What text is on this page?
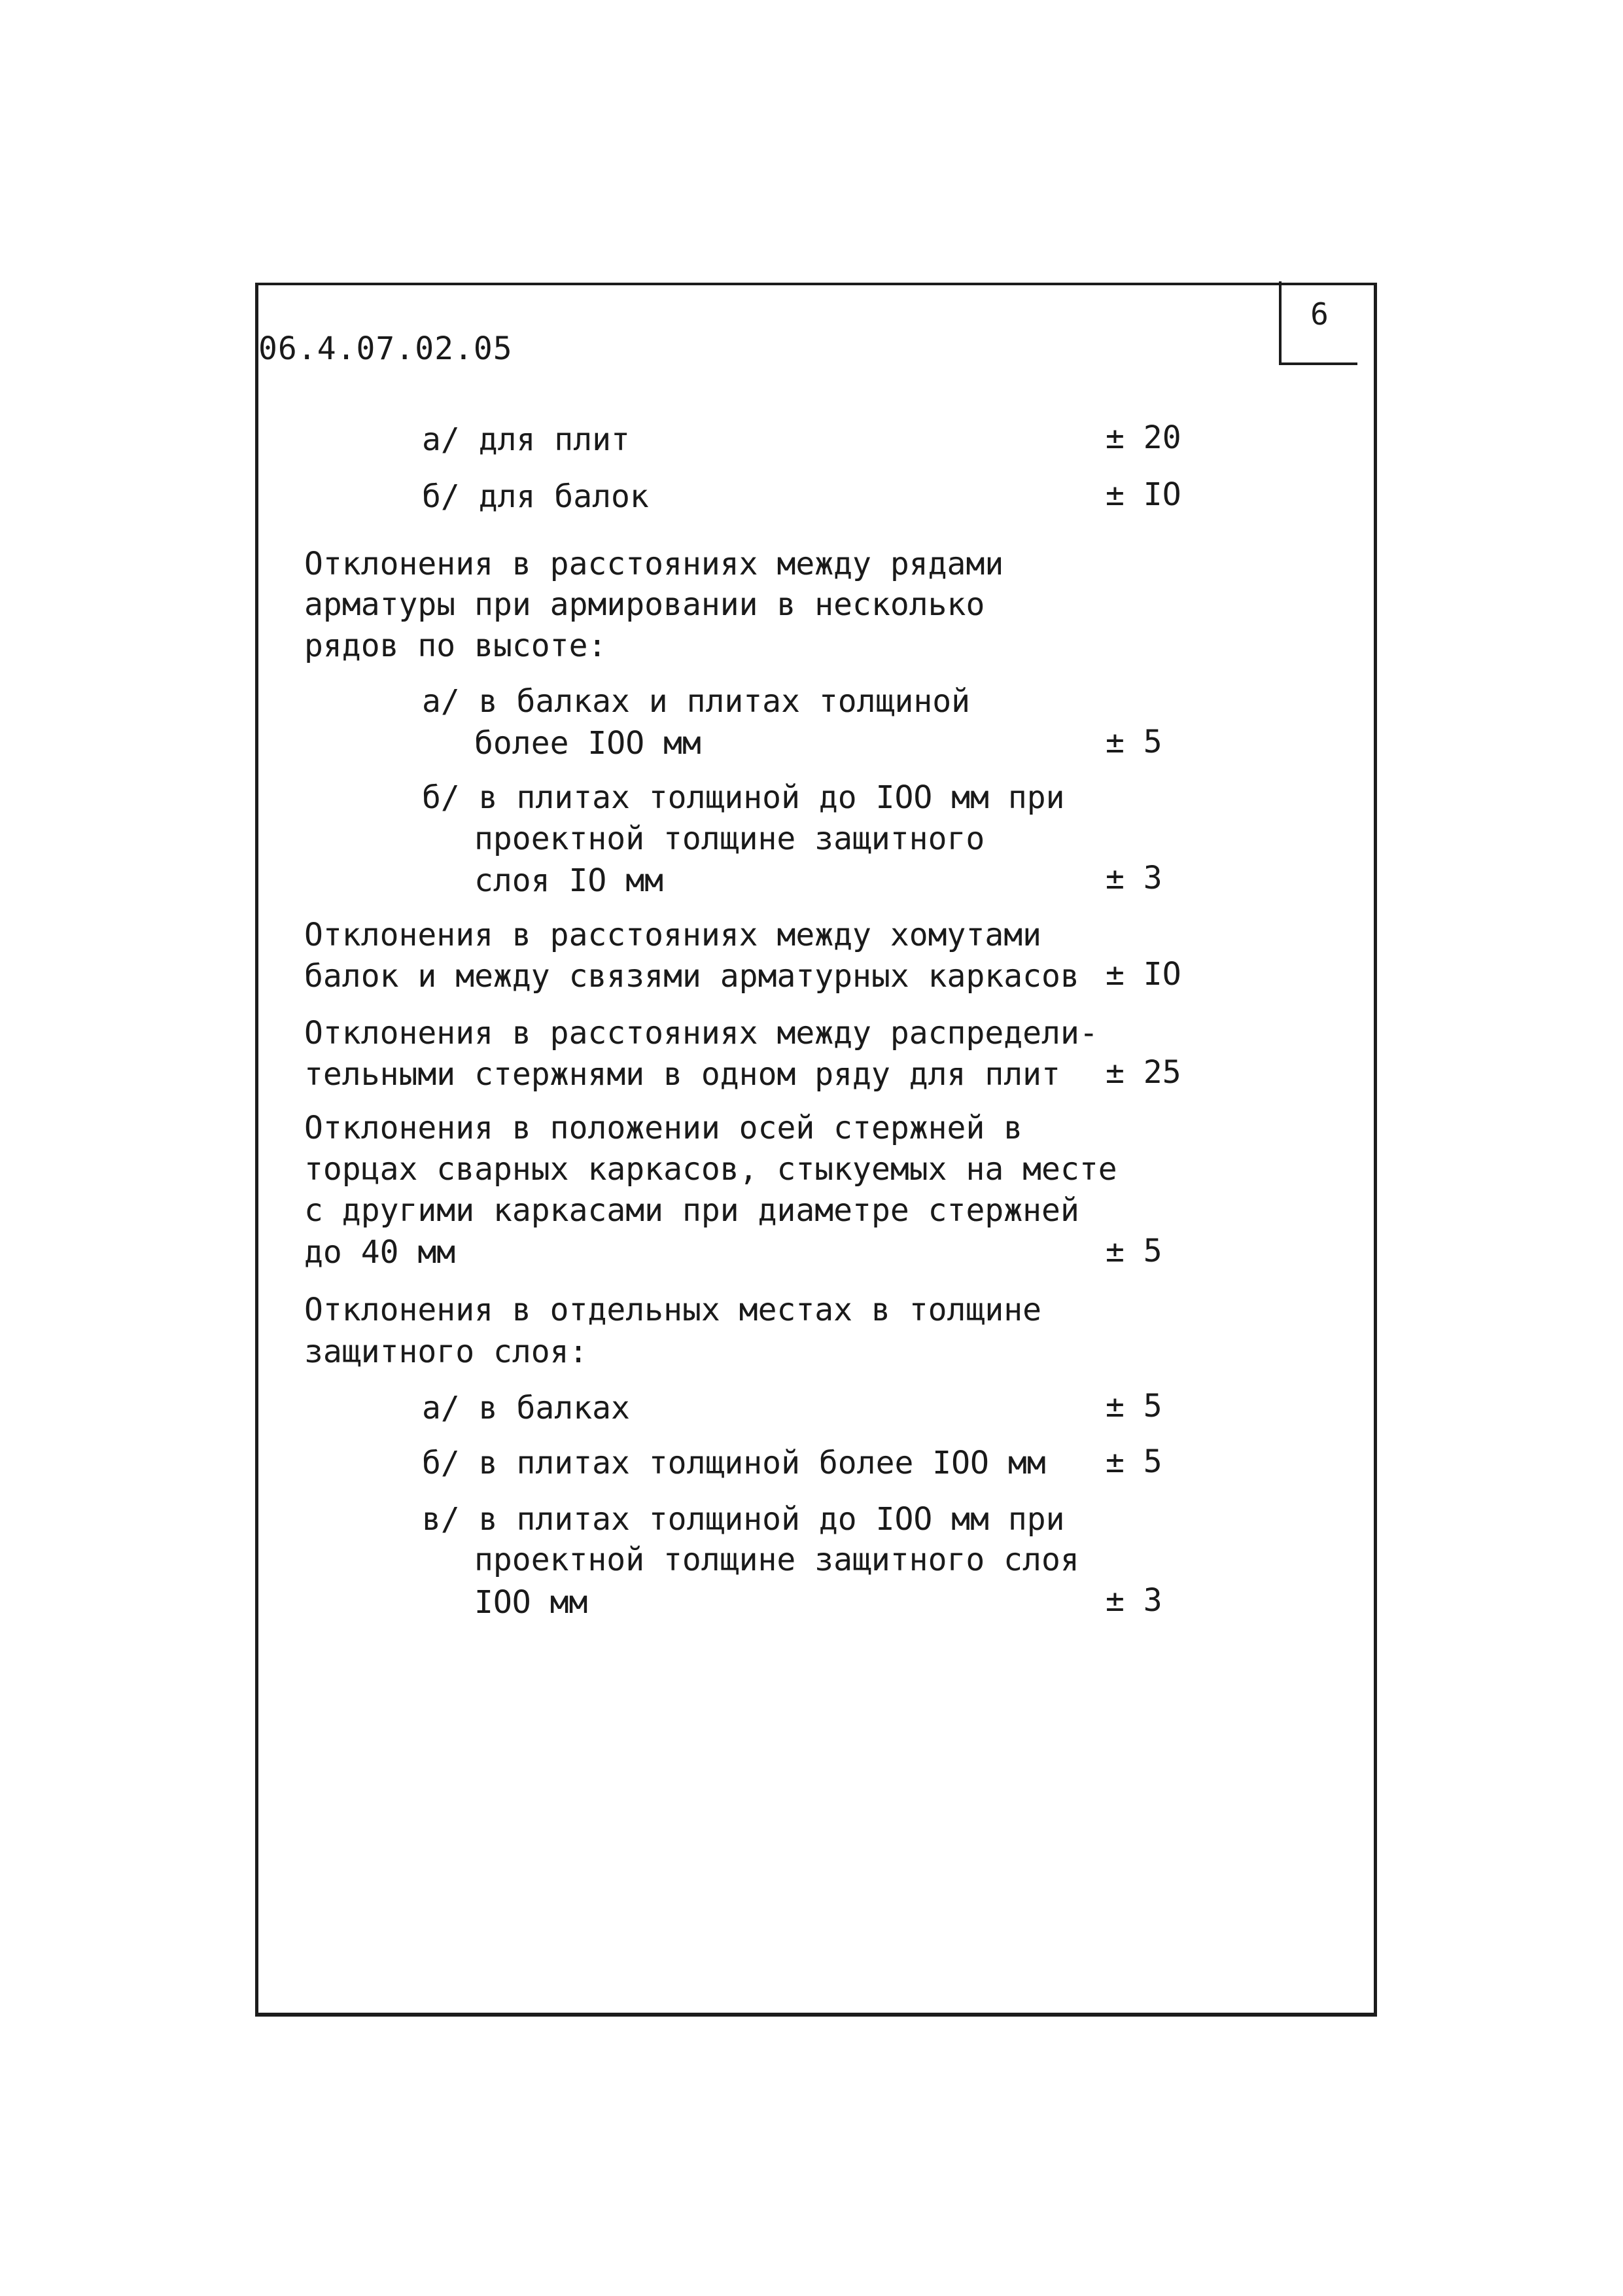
6
06.4.07.02.05
а/ для плит	± 20
б/ для балок	± IO
Отклонения в расстояниях между рядами
арматуры при армировании в несколько
рядов по высоте:
а/ в балках и плитах толщиной
более IOO мм	± 5
б/ в плитах толщиной до IOO мм при
проектной толщине защитного
слоя IO мм	± 3
Отклонения в расстояниях между хомутами
балок и между связями арматурных каркасов ± IO
Отклонения в расстояниях между распредели-
тельными стержнями в одном ряду для плит ± 25
Отклонения в положении осей стержней в
торцах сварных каркасов, стыкуемых на месте
с другими каркасами при диаметре стержней
до 40 мм	± 5
Отклонения в отдельных местах в толщине
защитного слоя:
а/ в балках	± 5
б/ в плитах толщиной более IOO мм ± 5
в/ в плитах толщиной до IOO мм при
проектной толщине защитного слоя
IOO мм	± 3
